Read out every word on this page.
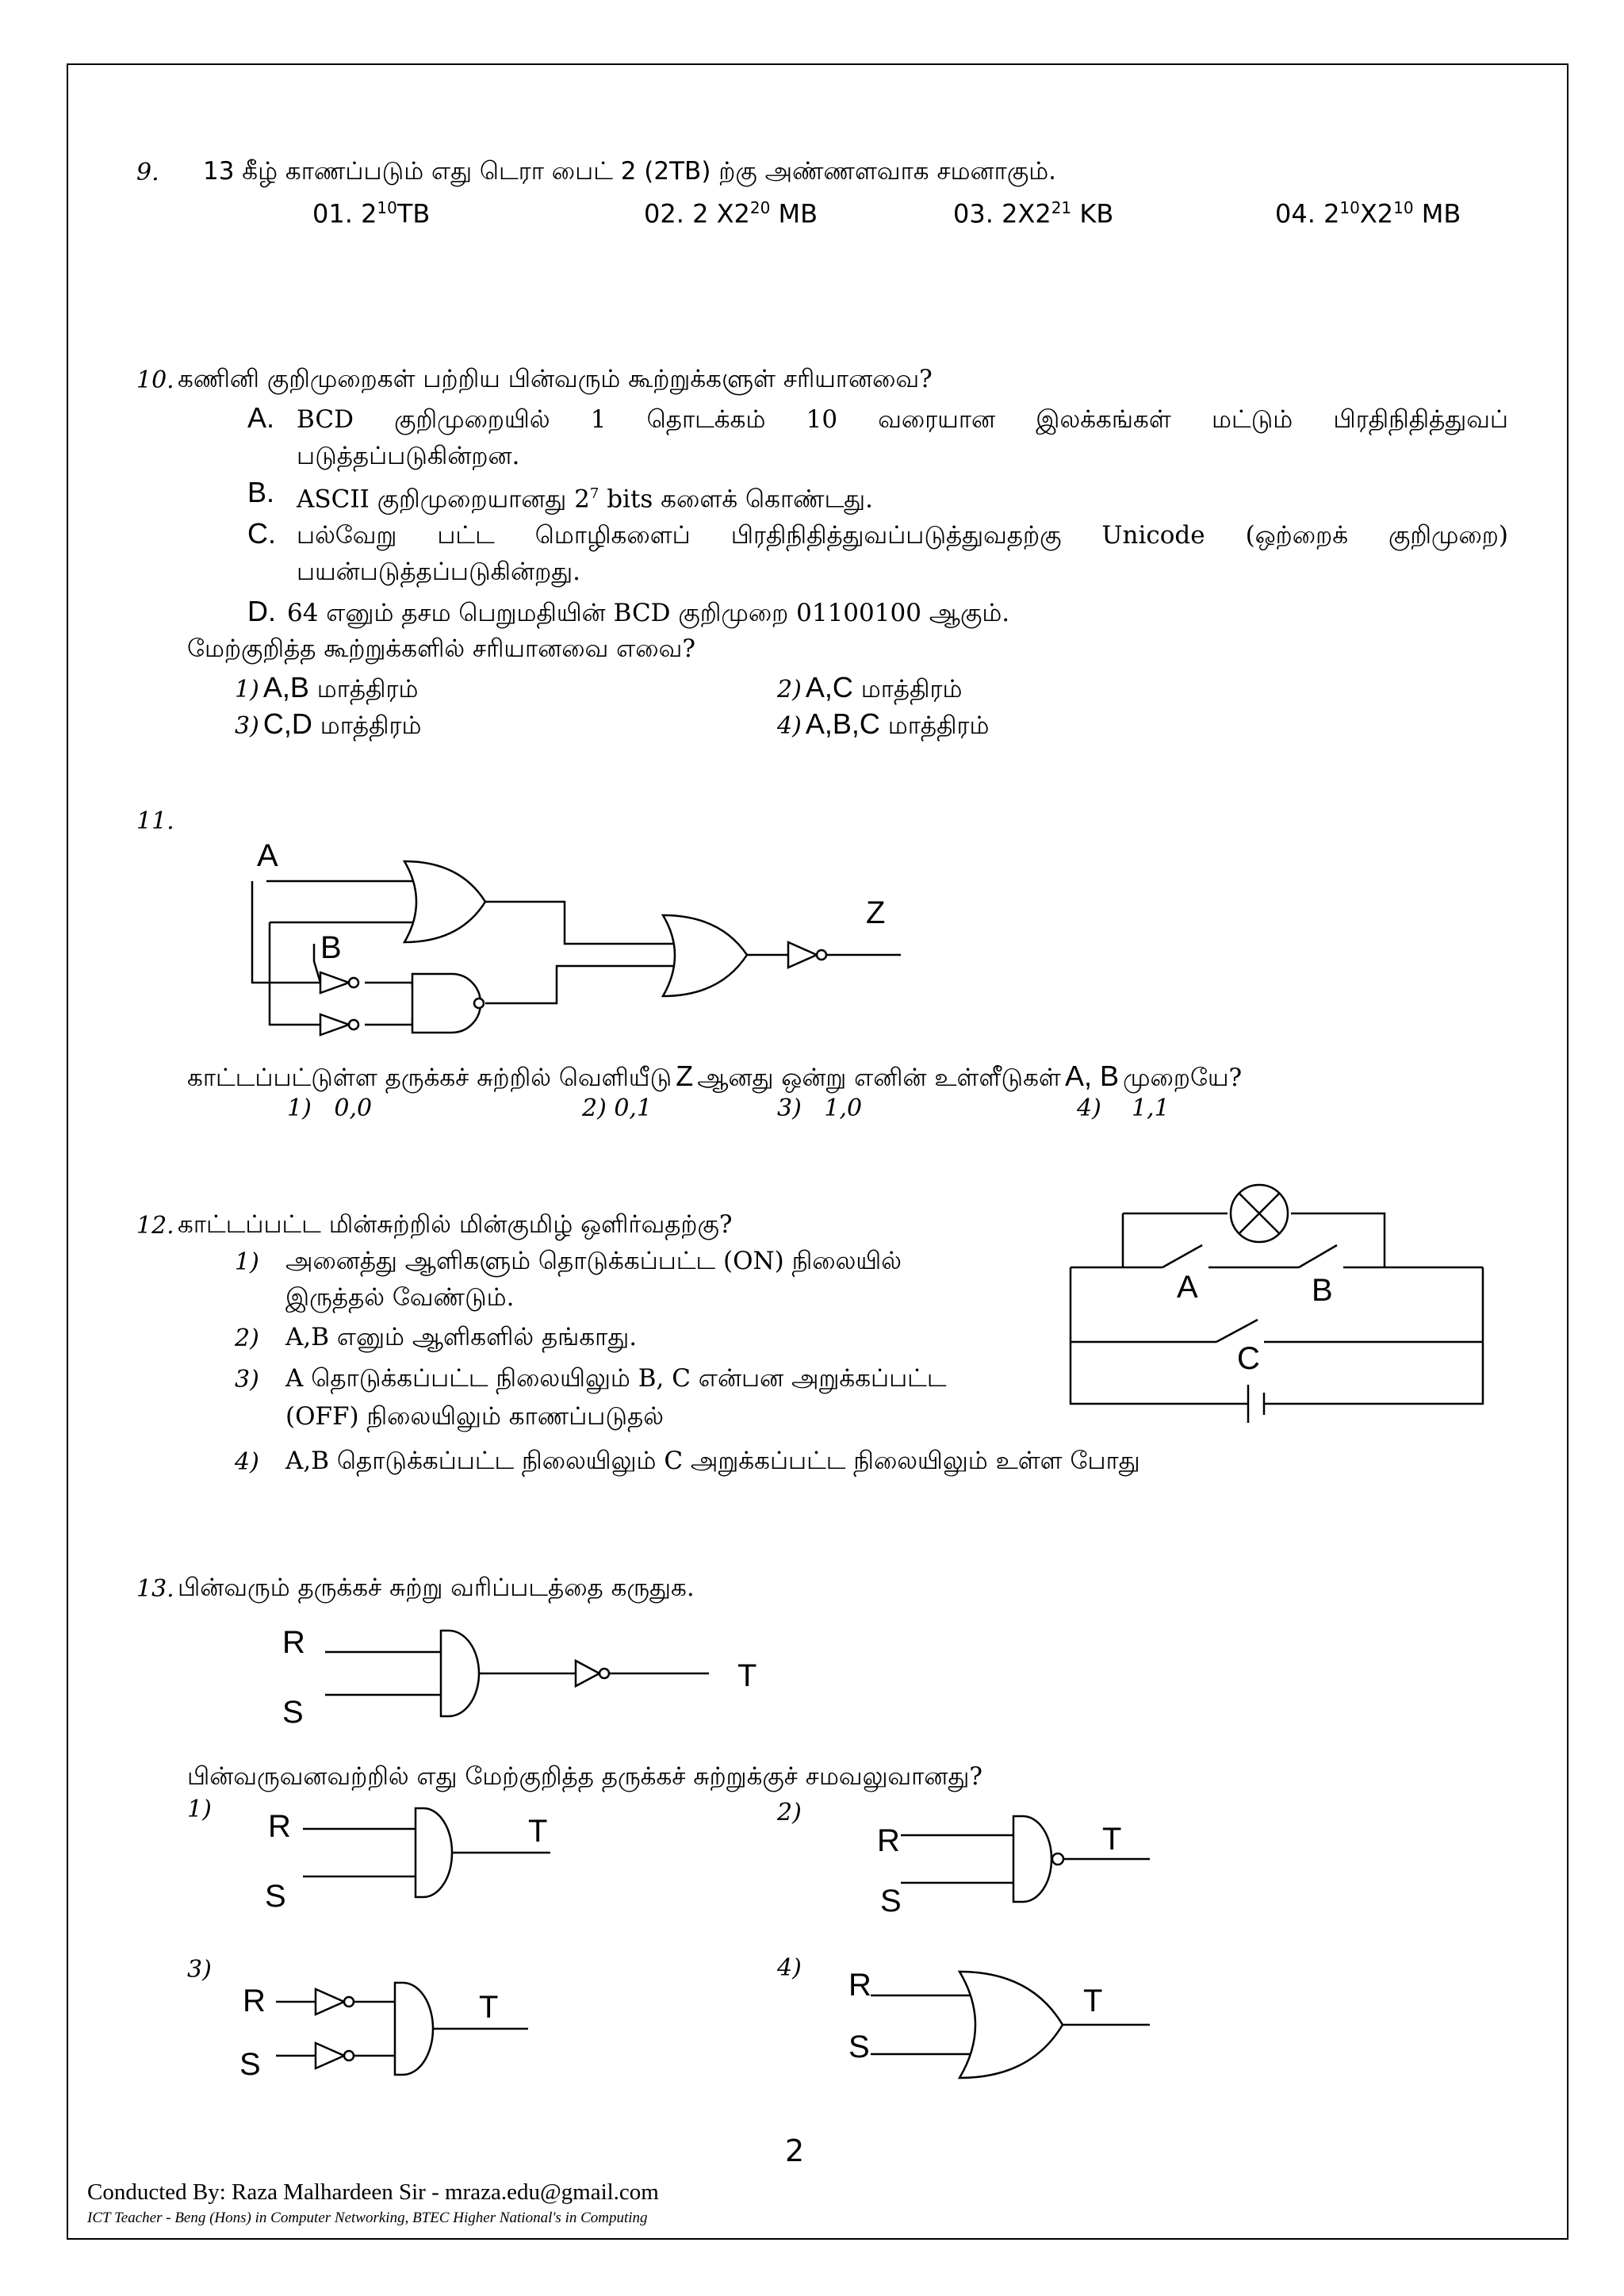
9. 13 கீழ் காணப்படும் எது டெரா பைட் 2 (2TB) ற்கு அண்ணளவாக சமனாகும்.
01. $2^{10}TB$	02. 2 $X2^{20}$ MB	03. $2X2^{21}$ KB	04. $2^{10}X2^{10}$ MB
10. கணினி குறிமுறைகள் பற்றிய பின்வரும் கூற்றுக்களுள் சரியானவை?
A. BCD குறிமுறையில் 1 தொடக்கம் 10 வரையான இலக்கங்கள் மட்டும் பிரதிநிதித்துவப்
படுத்தப்படுகின்றன.
B. ASCII குறிமுறையானது $2^7$ bits களைக் கொண்டது.
C. பல்வேறு பட்ட மொழிகளைப் பிரதிநிதித்துவப்படுத்துவதற்கு Unicode (ஒற்றைக் குறிமுறை)
பயன்படுத்தப்படுகின்றது.
D. 64 எனும் தசம பெறுமதியின் BCD குறிமுறை 01100100 ஆகும்.
மேற்குறித்த கூற்றுக்களில் சரியானவை எவை?
1) A,B மாத்திரம்	2) A,C மாத்திரம்
3) C,D மாத்திரம்	4) A,B,C மாத்திரம்
11.
A
B
Z
காட்டப்பட்டுள்ள தருக்கச் சுற்றில் வெளியீடு Z ஆனது ஒன்று எனின் உள்ளீடுகள் A, B முறையே?
1) 0,0	2) 0,1	3) 1,0	4) 1,1
12. காட்டப்பட்ட மின்சுற்றில் மின்குமிழ் ஒளிர்வதற்கு?
1) அனைத்து ஆளிகளும் தொடுக்கப்பட்ட (ON) நிலையில்
இருத்தல் வேண்டும்.
2) A,B எனும் ஆளிகளில் தங்காது.
3) A தொடுக்கப்பட்ட நிலையிலும் B, C என்பன அறுக்கப்பட்ட
(OFF) நிலையிலும் காணப்படுதல்
4) A,B தொடுக்கப்பட்ட நிலையிலும் C அறுக்கப்பட்ட நிலையிலும் உள்ள போது
A	B
C
13. பின்வரும் தருக்கச் சுற்று வரிப்படத்தை கருதுக.
R
S
T
பின்வருவனவற்றில் எது மேற்குறித்த தருக்கச் சுற்றுக்குச் சமவலுவானது?
1) R
S
T
2)
R
S
T
3)
R
S
T
4) R
S
T
2
Conducted By: Raza Malhardeen Sir - mraza.edu@gmail.com
ICT Teacher - Beng (Hons) in Computer Networking, BTEC Higher National's in Computing
